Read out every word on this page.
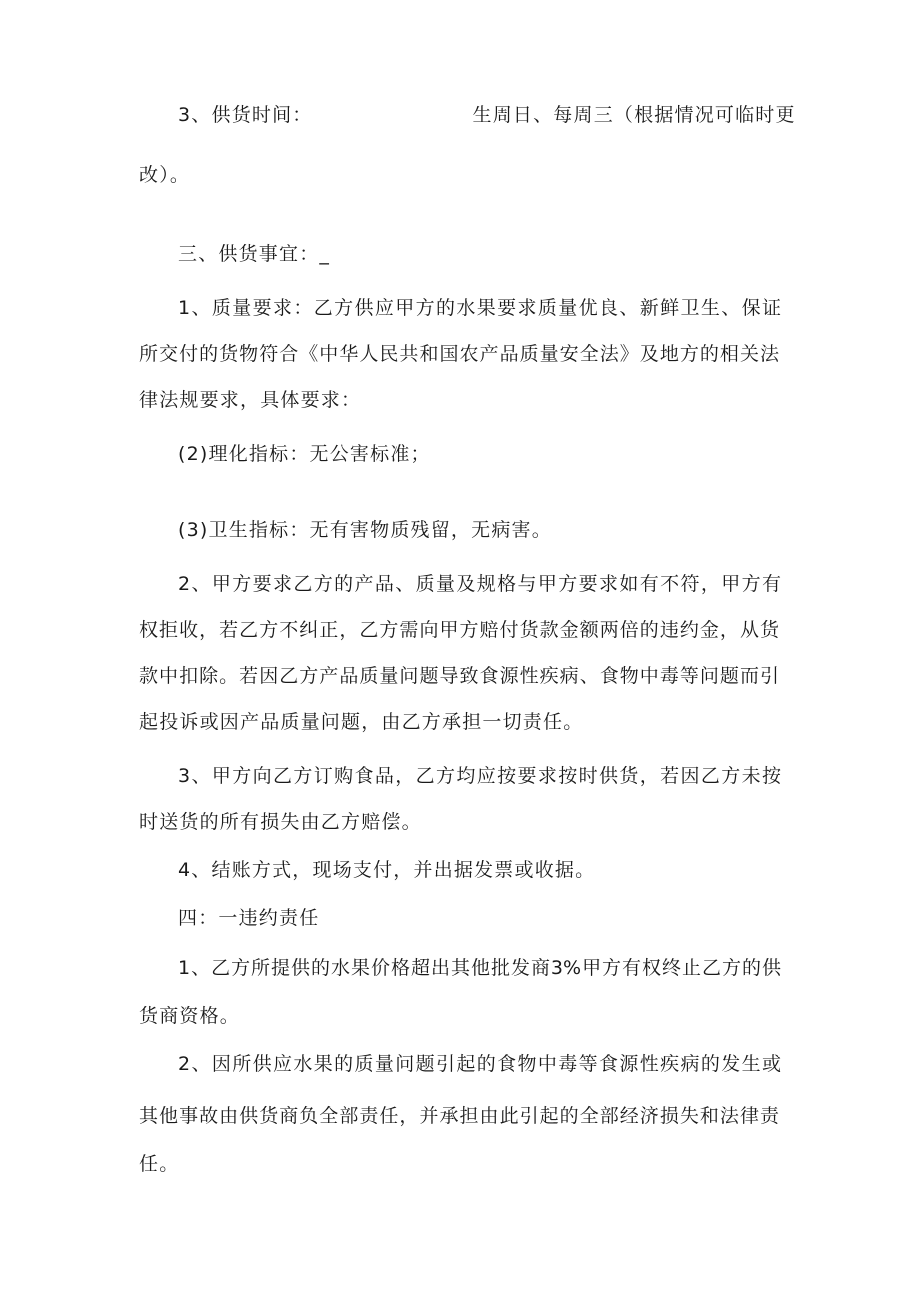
3、供货时间：	生周日、每周三（根据情况可临时更
改）。
三、供货事宜：_
1、质量要求：乙方供应甲方的水果要求质量优良、新鲜卫生、保证
所交付的货物符合《中华人民共和国农产品质量安全法》及地方的相关法
律法规要求，具体要求：
(2)理化指标：无公害标准；
(3)卫生指标：无有害物质残留，无病害。
2、甲方要求乙方的产品、质量及规格与甲方要求如有不符，甲方有
权拒收，若乙方不纠正，乙方需向甲方赔付货款金额两倍的违约金，从货
款中扣除。若因乙方产品质量问题导致食源性疾病、食物中毒等问题而引
起投诉或因产品质量问题，由乙方承担一切责任。
3、甲方向乙方订购食品，乙方均应按要求按时供货，若因乙方未按
时送货的所有损失由乙方赔偿。
4、结账方式，现场支付，并出据发票或收据。
四：一违约责任
1、乙方所提供的水果价格超出其他批发商3%甲方有权终止乙方的供
货商资格。
2、因所供应水果的质量问题引起的食物中毒等食源性疾病的发生或
其他事故由供货商负全部责任，并承担由此引起的全部经济损失和法律责
任。
